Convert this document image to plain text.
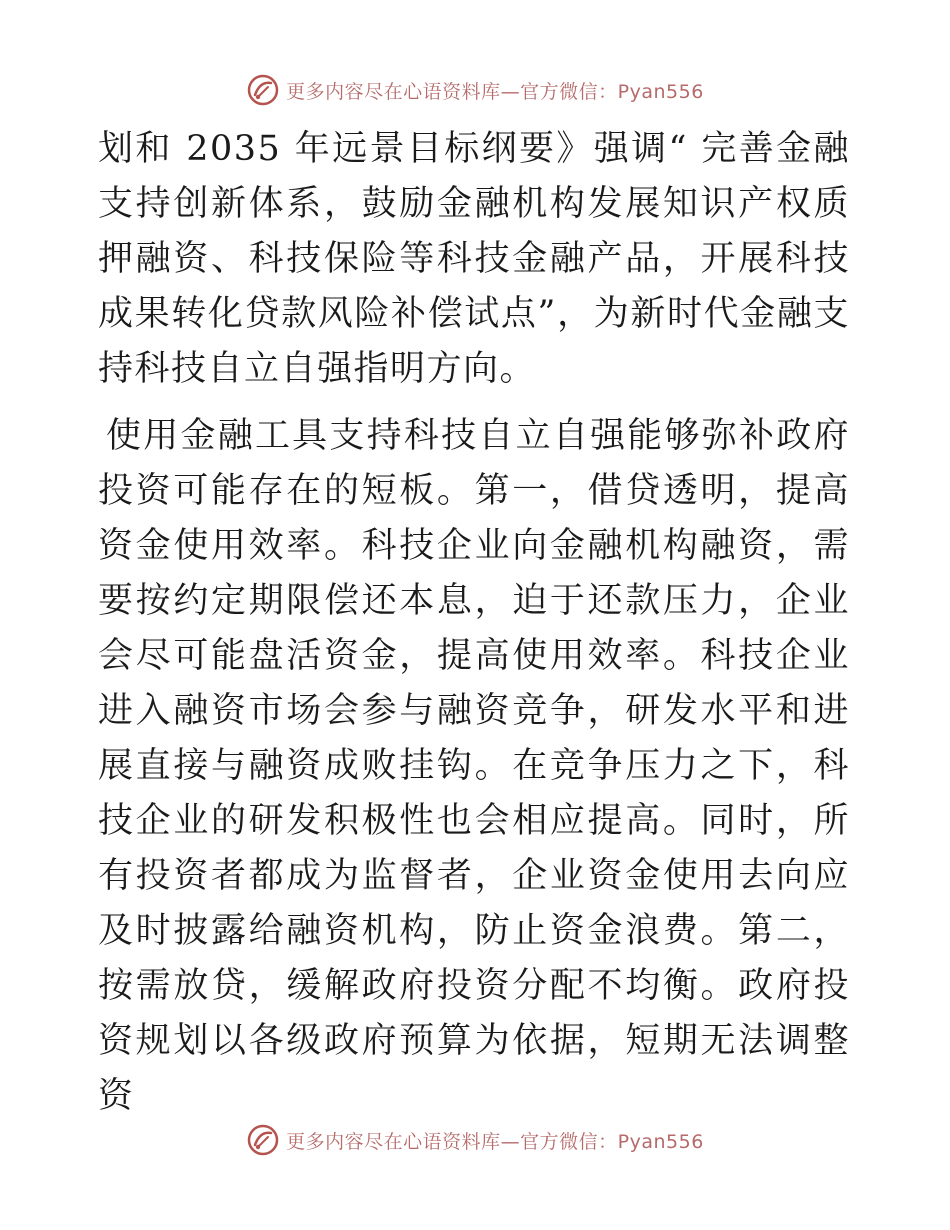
更多内容尽在心语资料库—官方微信：Pyan556

划和 2035 年远景目标纲要》强调“ 完善金融支持创新体系，鼓励金融机构发展知识产权质押融资、科技保险等科技金融产品，开展科技成果转化贷款风险补偿试点”，为新时代金融支持科技自立自强指明方向。

使用金融工具支持科技自立自强能够弥补政府投资可能存在的短板。第一，借贷透明，提高资金使用效率。科技企业向金融机构融资，需要按约定期限偿还本息，迫于还款压力，企业会尽可能盘活资金，提高使用效率。科技企业进入融资市场会参与融资竞争，研发水平和进展直接与融资成败挂钩。在竞争压力之下，科技企业的研发积极性也会相应提高。同时，所有投资者都成为监督者，企业资金使用去向应及时披露给融资机构，防止资金浪费。第二，按需放贷，缓解政府投资分配不均衡。政府投资规划以各级政府预算为依据，短期无法调整资

更多内容尽在心语资料库—官方微信：Pyan556
